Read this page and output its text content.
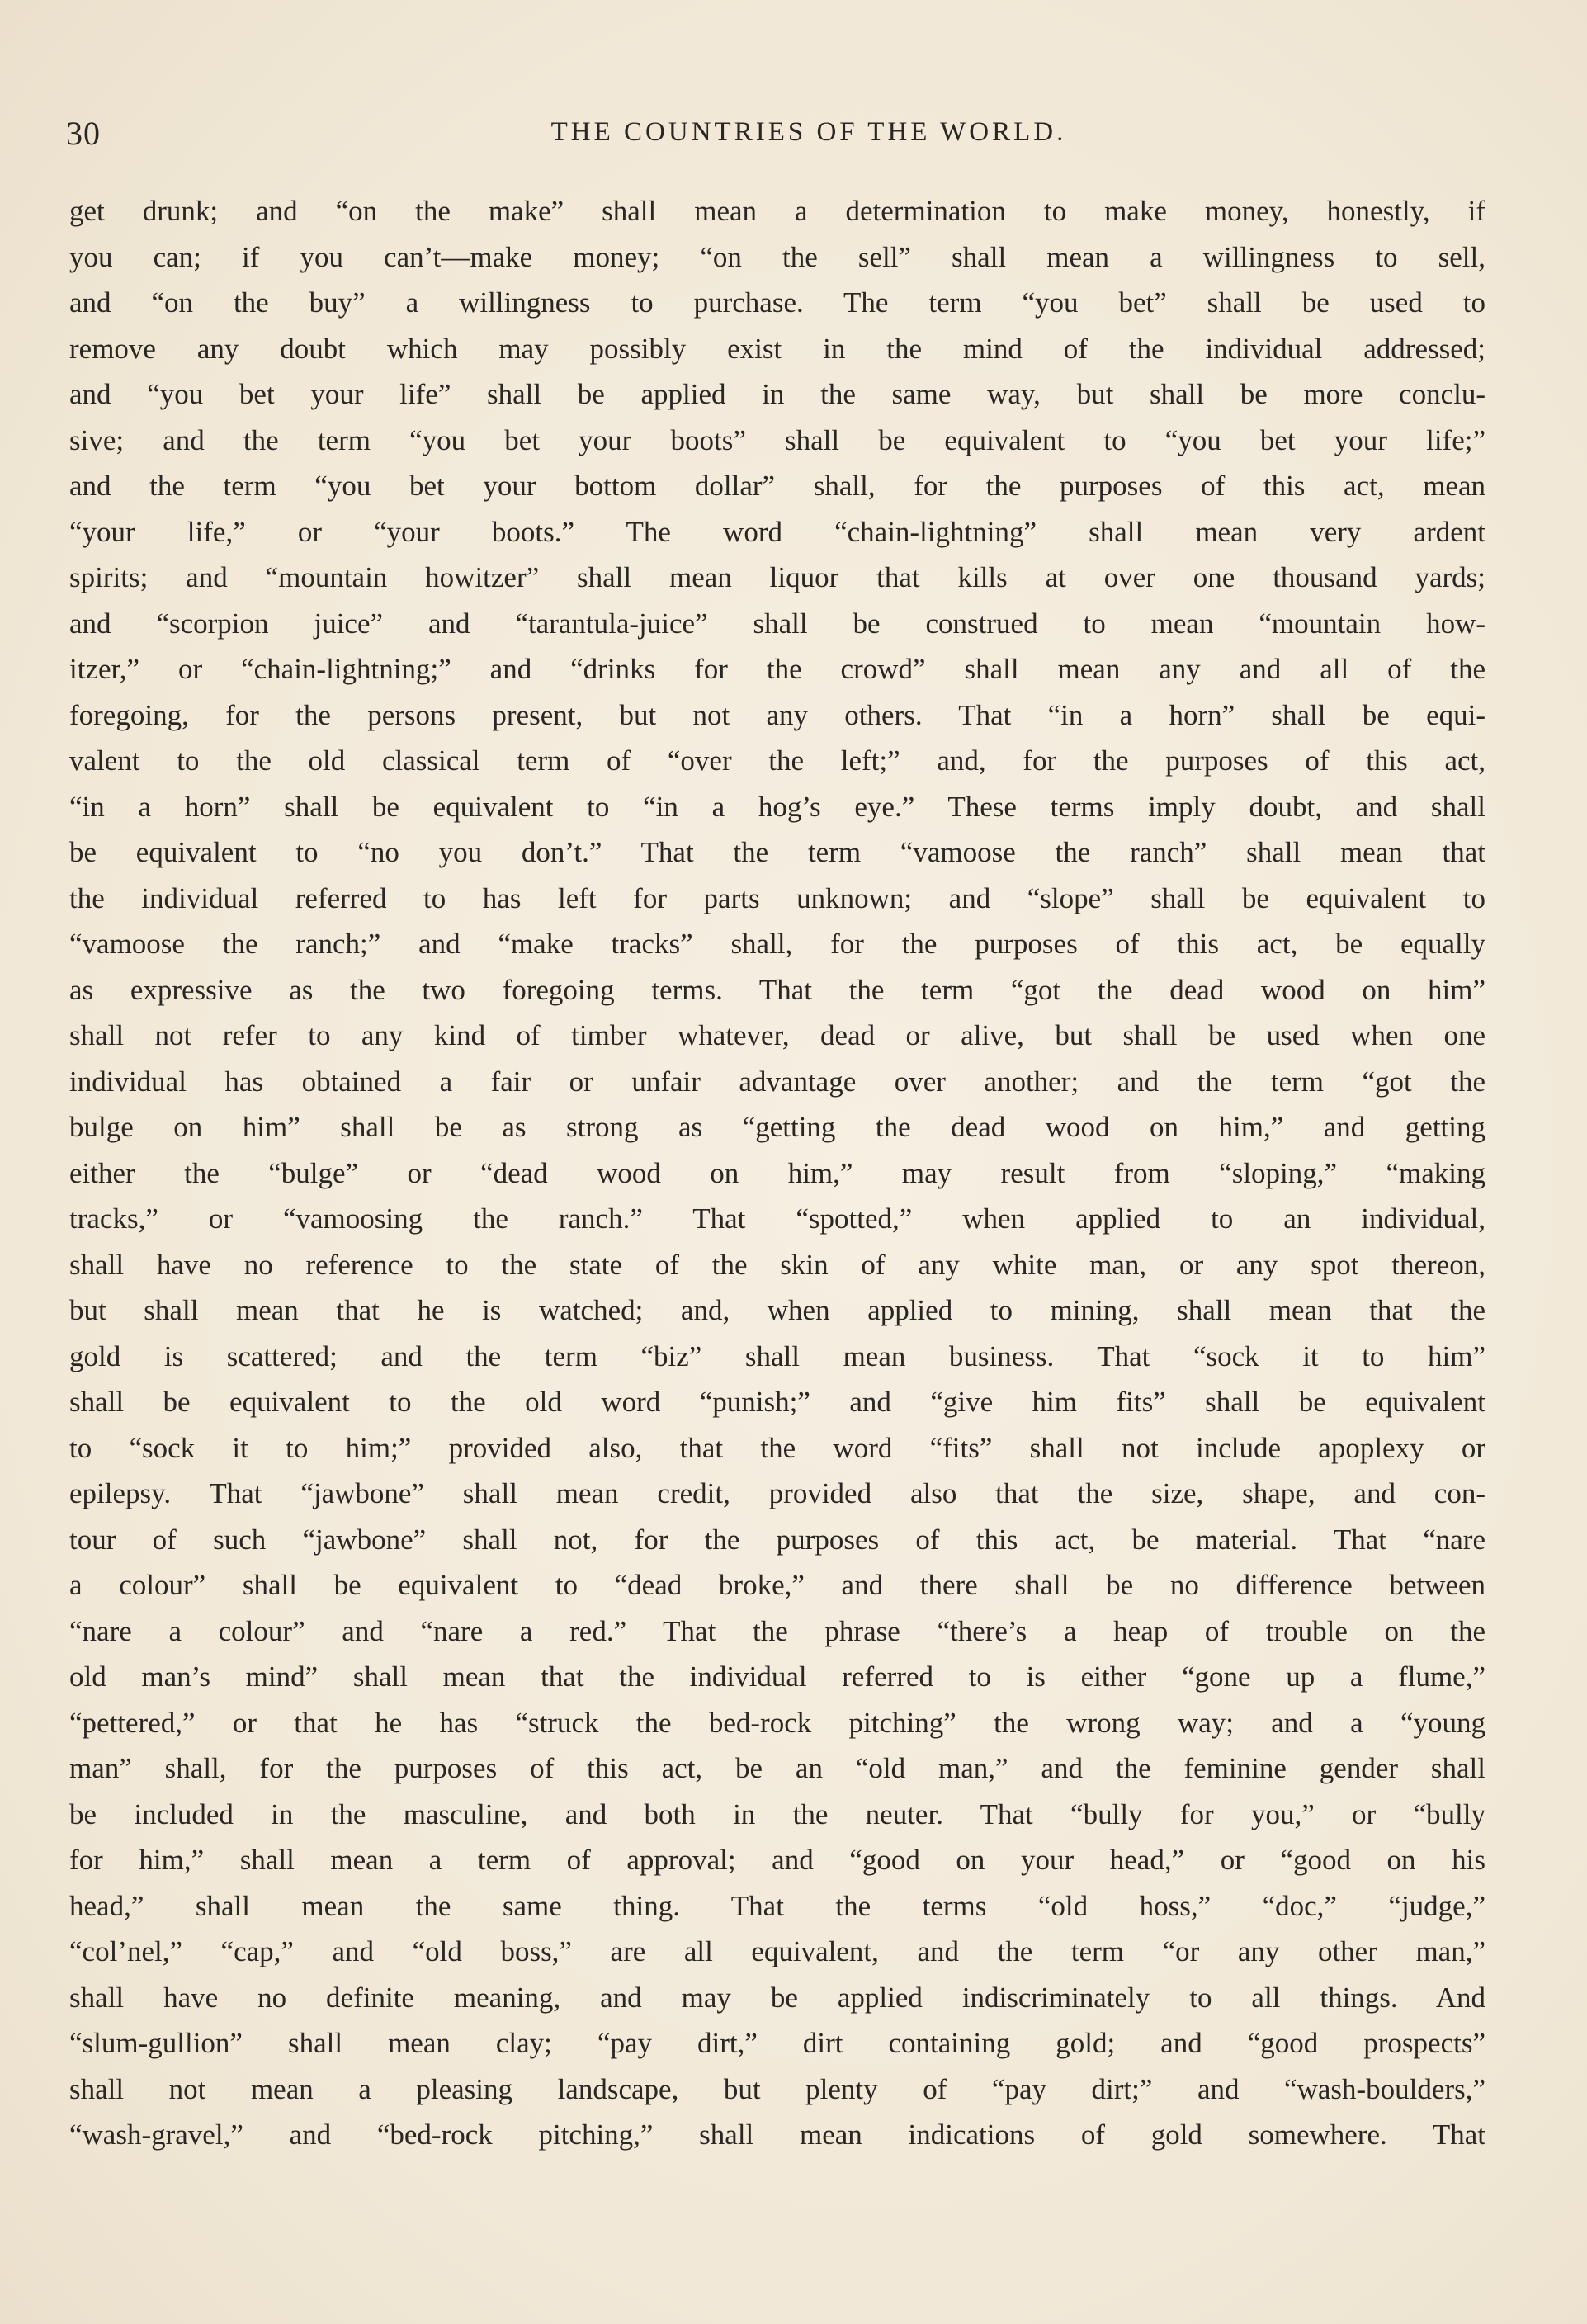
30	THE COUNTRIES OF THE WORLD.
get drunk; and “on the make” shall mean a determination to make money, honestly, if
you can; if you can’t—make money; “on the sell” shall mean a willingness to sell,
and “on the buy” a willingness to purchase. The term “you bet” shall be used to
remove any doubt which may possibly exist in the mind of the individual addressed;
and “you bet your life” shall be applied in the same way, but shall be more conclu-
sive; and the term “you bet your boots” shall be equivalent to “you bet your life;”
and the term “you bet your bottom dollar” shall, for the purposes of this act, mean
“your life,” or “your boots.” The word “chain-lightning” shall mean very ardent
spirits; and “mountain howitzer” shall mean liquor that kills at over one thousand yards;
and “scorpion juice” and “tarantula-juice” shall be construed to mean “mountain how-
itzer,” or “chain-lightning;” and “drinks for the crowd” shall mean any and all of the
foregoing, for the persons present, but not any others. That “in a horn” shall be equi-
valent to the old classical term of “over the left;” and, for the purposes of this act,
“in a horn” shall be equivalent to “in a hog’s eye.” These terms imply doubt, and shall
be equivalent to “no you don’t.” That the term “vamoose the ranch” shall mean that
the individual referred to has left for parts unknown; and “slope” shall be equivalent to
“vamoose the ranch;” and “make tracks” shall, for the purposes of this act, be equally
as expressive as the two foregoing terms. That the term “got the dead wood on him”
shall not refer to any kind of timber whatever, dead or alive, but shall be used when one
individual has obtained a fair or unfair advantage over another; and the term “got the
bulge on him” shall be as strong as “getting the dead wood on him,” and getting
either the “bulge” or “dead wood on him,” may result from “sloping,” “making
tracks,” or “vamoosing the ranch.” That “spotted,” when applied to an individual,
shall have no reference to the state of the skin of any white man, or any spot thereon,
but shall mean that he is watched; and, when applied to mining, shall mean that the
gold is scattered; and the term “biz” shall mean business. That “sock it to him”
shall be equivalent to the old word “punish;” and “give him fits” shall be equivalent
to “sock it to him;” provided also, that the word “fits” shall not include apoplexy or
epilepsy. That “jawbone” shall mean credit, provided also that the size, shape, and con-
tour of such “jawbone” shall not, for the purposes of this act, be material. That “nare
a colour” shall be equivalent to “dead broke,” and there shall be no difference between
“nare a colour” and “nare a red.” That the phrase “there’s a heap of trouble on the
old man’s mind” shall mean that the individual referred to is either “gone up a flume,”
“pettered,” or that he has “struck the bed-rock pitching” the wrong way; and a “young
man” shall, for the purposes of this act, be an “old man,” and the feminine gender shall
be included in the masculine, and both in the neuter. That “bully for you,” or “bully
for him,” shall mean a term of approval; and “good on your head,” or “good on his
head,” shall mean the same thing. That the terms “old hoss,” “doc,” “judge,”
“col’nel,” “cap,” and “old boss,” are all equivalent, and the term “or any other man,”
shall have no definite meaning, and may be applied indiscriminately to all things. And
“slum-gullion” shall mean clay; “pay dirt,” dirt containing gold; and “good prospects”
shall not mean a pleasing landscape, but plenty of “pay dirt;” and “wash-boulders,”
“wash-gravel,” and “bed-rock pitching,” shall mean indications of gold somewhere. That
